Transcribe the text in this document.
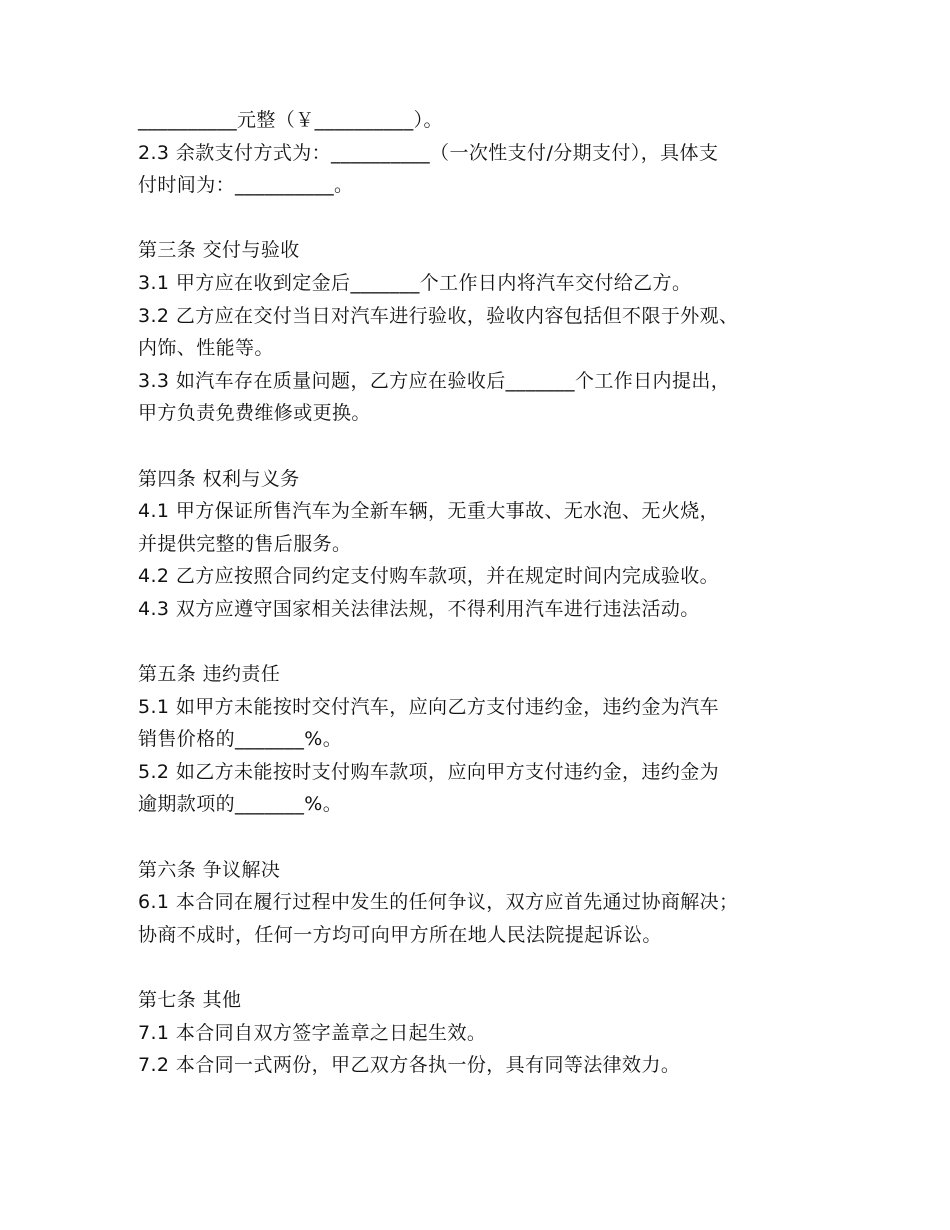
__________元整（￥__________）。
2.3 余款支付方式为：__________（一次性支付/分期支付），具体支
付时间为：__________。
第三条 交付与验收
3.1 甲方应在收到定金后_______个工作日内将汽车交付给乙方。
3.2 乙方应在交付当日对汽车进行验收，验收内容包括但不限于外观、
内饰、性能等。
3.3 如汽车存在质量问题，乙方应在验收后_______个工作日内提出，
甲方负责免费维修或更换。
第四条 权利与义务
4.1 甲方保证所售汽车为全新车辆，无重大事故、无水泡、无火烧，
并提供完整的售后服务。
4.2 乙方应按照合同约定支付购车款项，并在规定时间内完成验收。
4.3 双方应遵守国家相关法律法规，不得利用汽车进行违法活动。
第五条 违约责任
5.1 如甲方未能按时交付汽车，应向乙方支付违约金，违约金为汽车
销售价格的_______%。
5.2 如乙方未能按时支付购车款项，应向甲方支付违约金，违约金为
逾期款项的_______%。
第六条 争议解决
6.1 本合同在履行过程中发生的任何争议，双方应首先通过协商解决；
协商不成时，任何一方均可向甲方所在地人民法院提起诉讼。
第七条 其他
7.1 本合同自双方签字盖章之日起生效。
7.2 本合同一式两份，甲乙双方各执一份，具有同等法律效力。
